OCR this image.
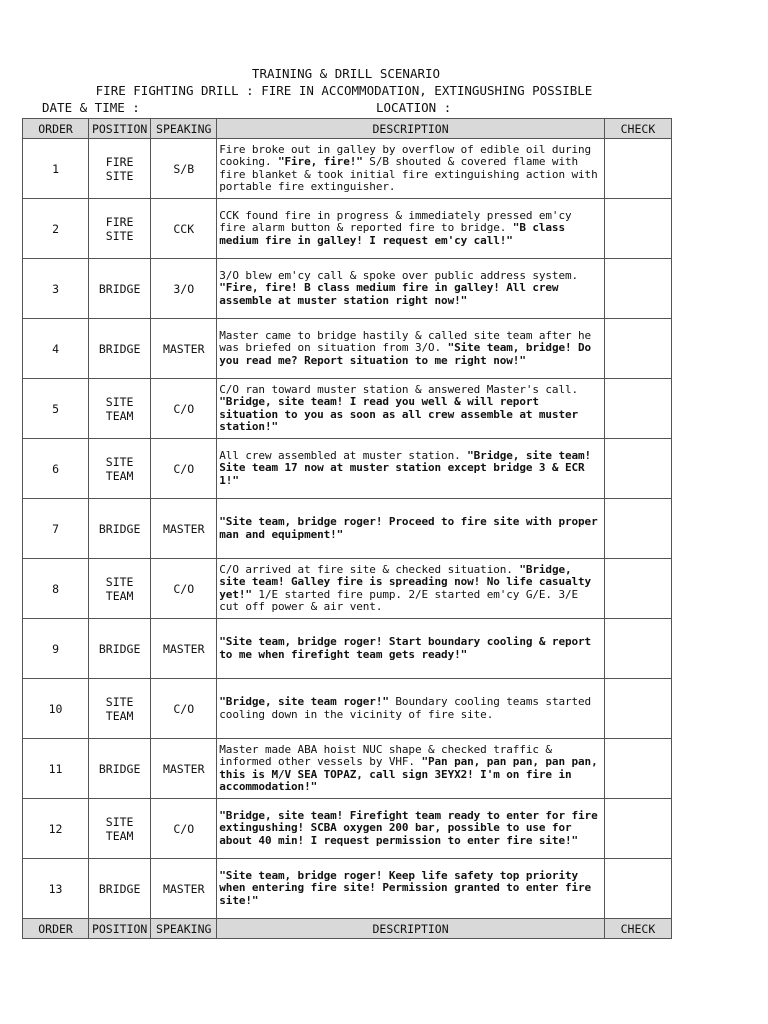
TRAINING & DRILL SCENARIO
FIRE FIGHTING DRILL : FIRE IN ACCOMMODATION, EXTINGUSHING POSSIBLE
DATE & TIME :	LOCATION :
ORDER	POSITION	SPEAKING	DESCRIPTION	CHECK
1	FIRE SITE	S/B	Fire broke out in galley by overflow of edible oil during cooking. "Fire, fire!" S/B shouted & covered flame with fire blanket & took initial fire extinguishing action with portable fire extinguisher.	
2	FIRE SITE	CCK	CCK found fire in progress & immediately pressed em'cy fire alarm button & reported fire to bridge. "B class medium fire in galley! I request em'cy call!"	
3	BRIDGE	3/O	3/O blew em'cy call & spoke over public address system. "Fire, fire! B class medium fire in galley! All crew assemble at muster station right now!"	
4	BRIDGE	MASTER	Master came to bridge hastily & called site team after he was briefed on situation from 3/O. "Site team, bridge! Do you read me? Report situation to me right now!"	
5	SITE TEAM	C/O	C/O ran toward muster station & answered Master's call. "Bridge, site team! I read you well & will report situation to you as soon as all crew assemble at muster station!"	
6	SITE TEAM	C/O	All crew assembled at muster station. "Bridge, site team! Site team 17 now at muster station except bridge 3 & ECR 1!"	
7	BRIDGE	MASTER	"Site team, bridge roger! Proceed to fire site with proper man and equipment!"	
8	SITE TEAM	C/O	C/O arrived at fire site & checked situation. "Bridge, site team! Galley fire is spreading now! No life casualty yet!" 1/E started fire pump. 2/E started em'cy G/E. 3/E cut off power & air vent.	
9	BRIDGE	MASTER	"Site team, bridge roger! Start boundary cooling & report to me when firefight team gets ready!"	
10	SITE TEAM	C/O	"Bridge, site team roger!" Boundary cooling teams started cooling down in the vicinity of fire site.	
11	BRIDGE	MASTER	Master made ABA hoist NUC shape & checked traffic & informed other vessels by VHF. "Pan pan, pan pan, pan pan, this is M/V SEA TOPAZ, call sign 3EYX2! I'm on fire in accommodation!"	
12	SITE TEAM	C/O	"Bridge, site team! Firefight team ready to enter for fire extingushing! SCBA oxygen 200 bar, possible to use for about 40 min! I request permission to enter fire site!"	
13	BRIDGE	MASTER	"Site team, bridge roger! Keep life safety top priority when entering fire site! Permission granted to enter fire site!"	
ORDER	POSITION	SPEAKING	DESCRIPTION	CHECK
